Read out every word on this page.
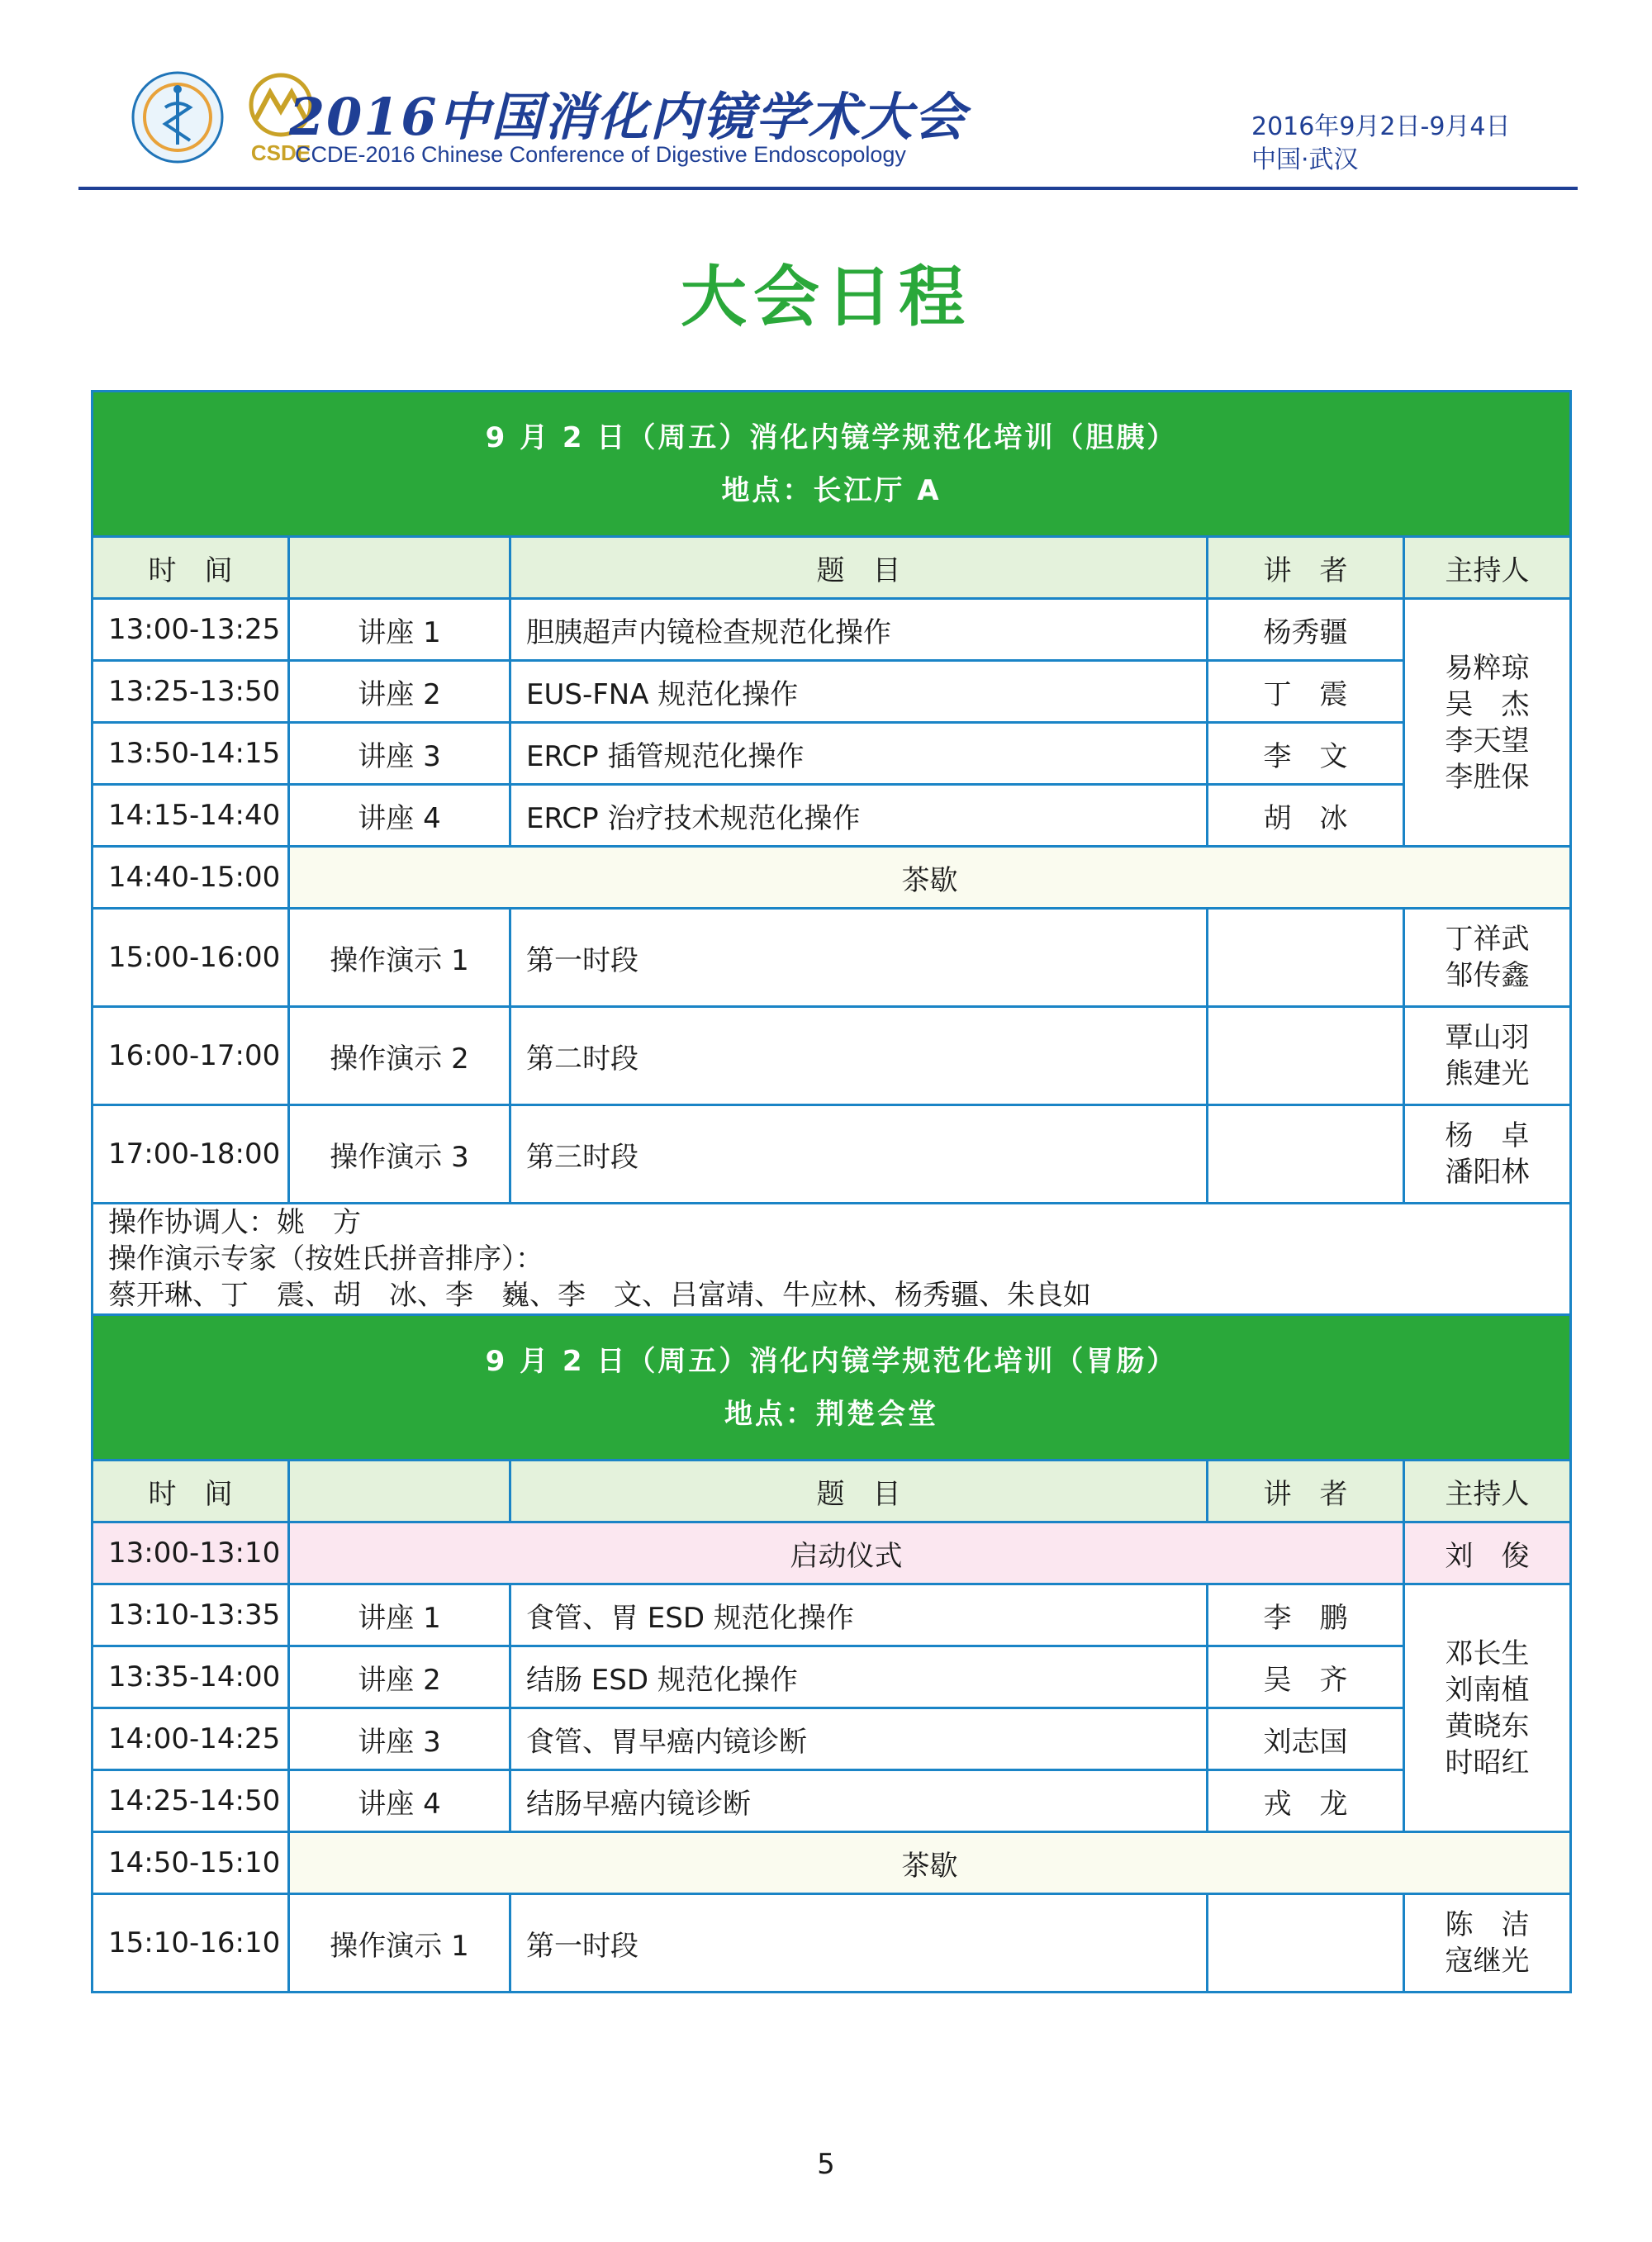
CSDE
2016中国消化内镜学术大会
CCDE-2016 Chinese Conference of Digestive Endoscopology
2016年9月2日-9月4日
中国·武汉
大会日程
9 月 2 日（周五）消化内镜学规范化培训（胆胰）
地点：长江厅 A				

时　间		题　目	讲　者	主持人
13:00-13:25	讲座 1	胆胰超声内镜检查规范化操作	杨秀疆	易粹琼
吴　杰
李天望
李胜保

13:25-13:50	讲座 2	EUS-FNA 规范化操作	丁　震	
13:50-14:15	讲座 3	ERCP 插管规范化操作	李　文	
14:15-14:40	讲座 4	ERCP 治疗技术规范化操作	胡　冰	
14:40-15:00	茶歇			
15:00-16:00	操作演示 1	第一时段		丁祥武
邹传鑫

16:00-17:00	操作演示 2	第二时段		覃山羽
熊建光

17:00-18:00	操作演示 3	第三时段		杨　卓
潘阳林

操作协调人：姚　方
操作演示专家（按姓氏拼音排序）：
蔡开琳、丁　震、胡　冰、李　巍、李　文、吕富靖、牛应林、杨秀疆、朱良如				

9 月 2 日（周五）消化内镜学规范化培训（胃肠）
地点：荆楚会堂				

时　间		题　目	讲　者	主持人
13:00-13:10	启动仪式			刘　俊
13:10-13:35	讲座 1	食管、胃 ESD 规范化操作	李　鹏	邓长生
刘南植
黄晓东
时昭红

13:35-14:00	讲座 2	结肠 ESD 规范化操作	吴　齐	
14:00-14:25	讲座 3	食管、胃早癌内镜诊断	刘志国	
14:25-14:50	讲座 4	结肠早癌内镜诊断	戎　龙	
14:50-15:10	茶歇			
15:10-16:10	操作演示 1	第一时段		陈　洁
寇继光
5
